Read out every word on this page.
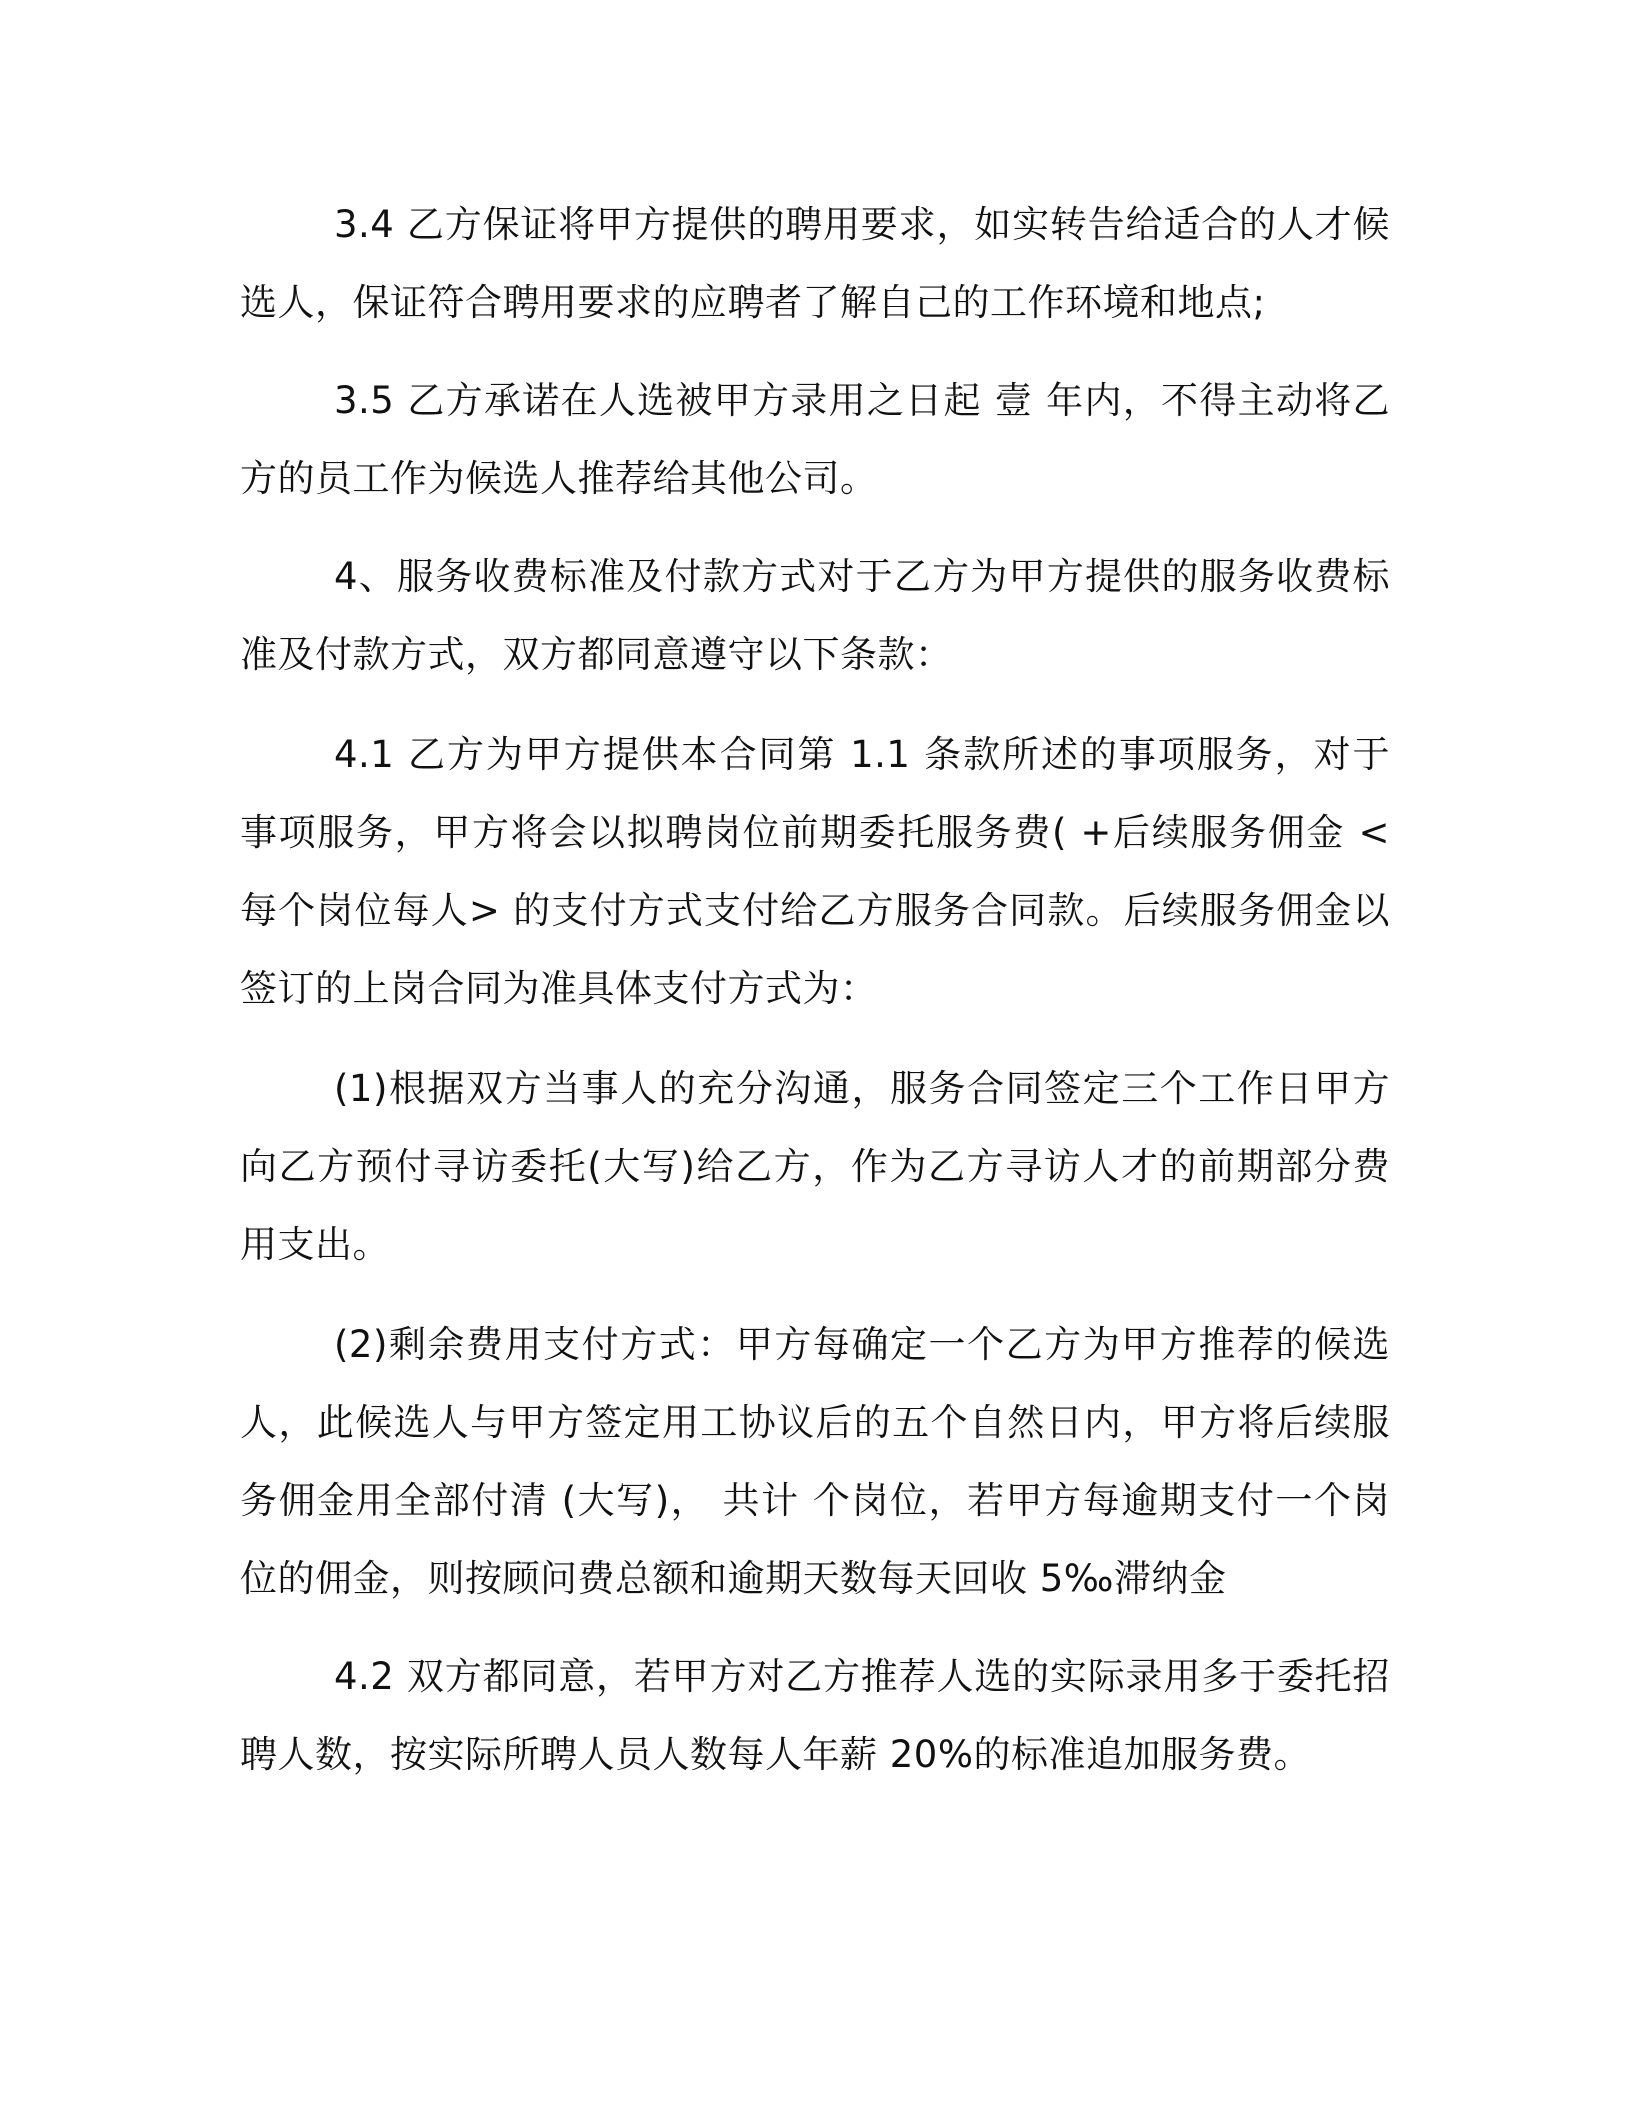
3.4 乙方保证将甲方提供的聘用要求，如实转告给适合的人才候选人，保证符合聘用要求的应聘者了解自己的工作环境和地点;

3.5 乙方承诺在人选被甲方录用之日起 壹 年内，不得主动将乙方的员工作为候选人推荐给其他公司。

4、服务收费标准及付款方式对于乙方为甲方提供的服务收费标准及付款方式，双方都同意遵守以下条款：

4.1 乙方为甲方提供本合同第 1.1 条款所述的事项服务，对于事项服务，甲方将会以拟聘岗位前期委托服务费( +后续服务佣金 <每个岗位每人> 的支付方式支付给乙方服务合同款。后续服务佣金以签订的上岗合同为准具体支付方式为：

(1)根据双方当事人的充分沟通，服务合同签定三个工作日甲方向乙方预付寻访委托(大写)给乙方，作为乙方寻访人才的前期部分费用支出。

(2)剩余费用支付方式：甲方每确定一个乙方为甲方推荐的候选人，此候选人与甲方签定用工协议后的五个自然日内，甲方将后续服务佣金用全部付清 (大写)， 共计 个岗位，若甲方每逾期支付一个岗位的佣金，则按顾问费总额和逾期天数每天回收 5‰滞纳金

4.2 双方都同意，若甲方对乙方推荐人选的实际录用多于委托招聘人数，按实际所聘人员人数每人年薪 20%的标准追加服务费。
